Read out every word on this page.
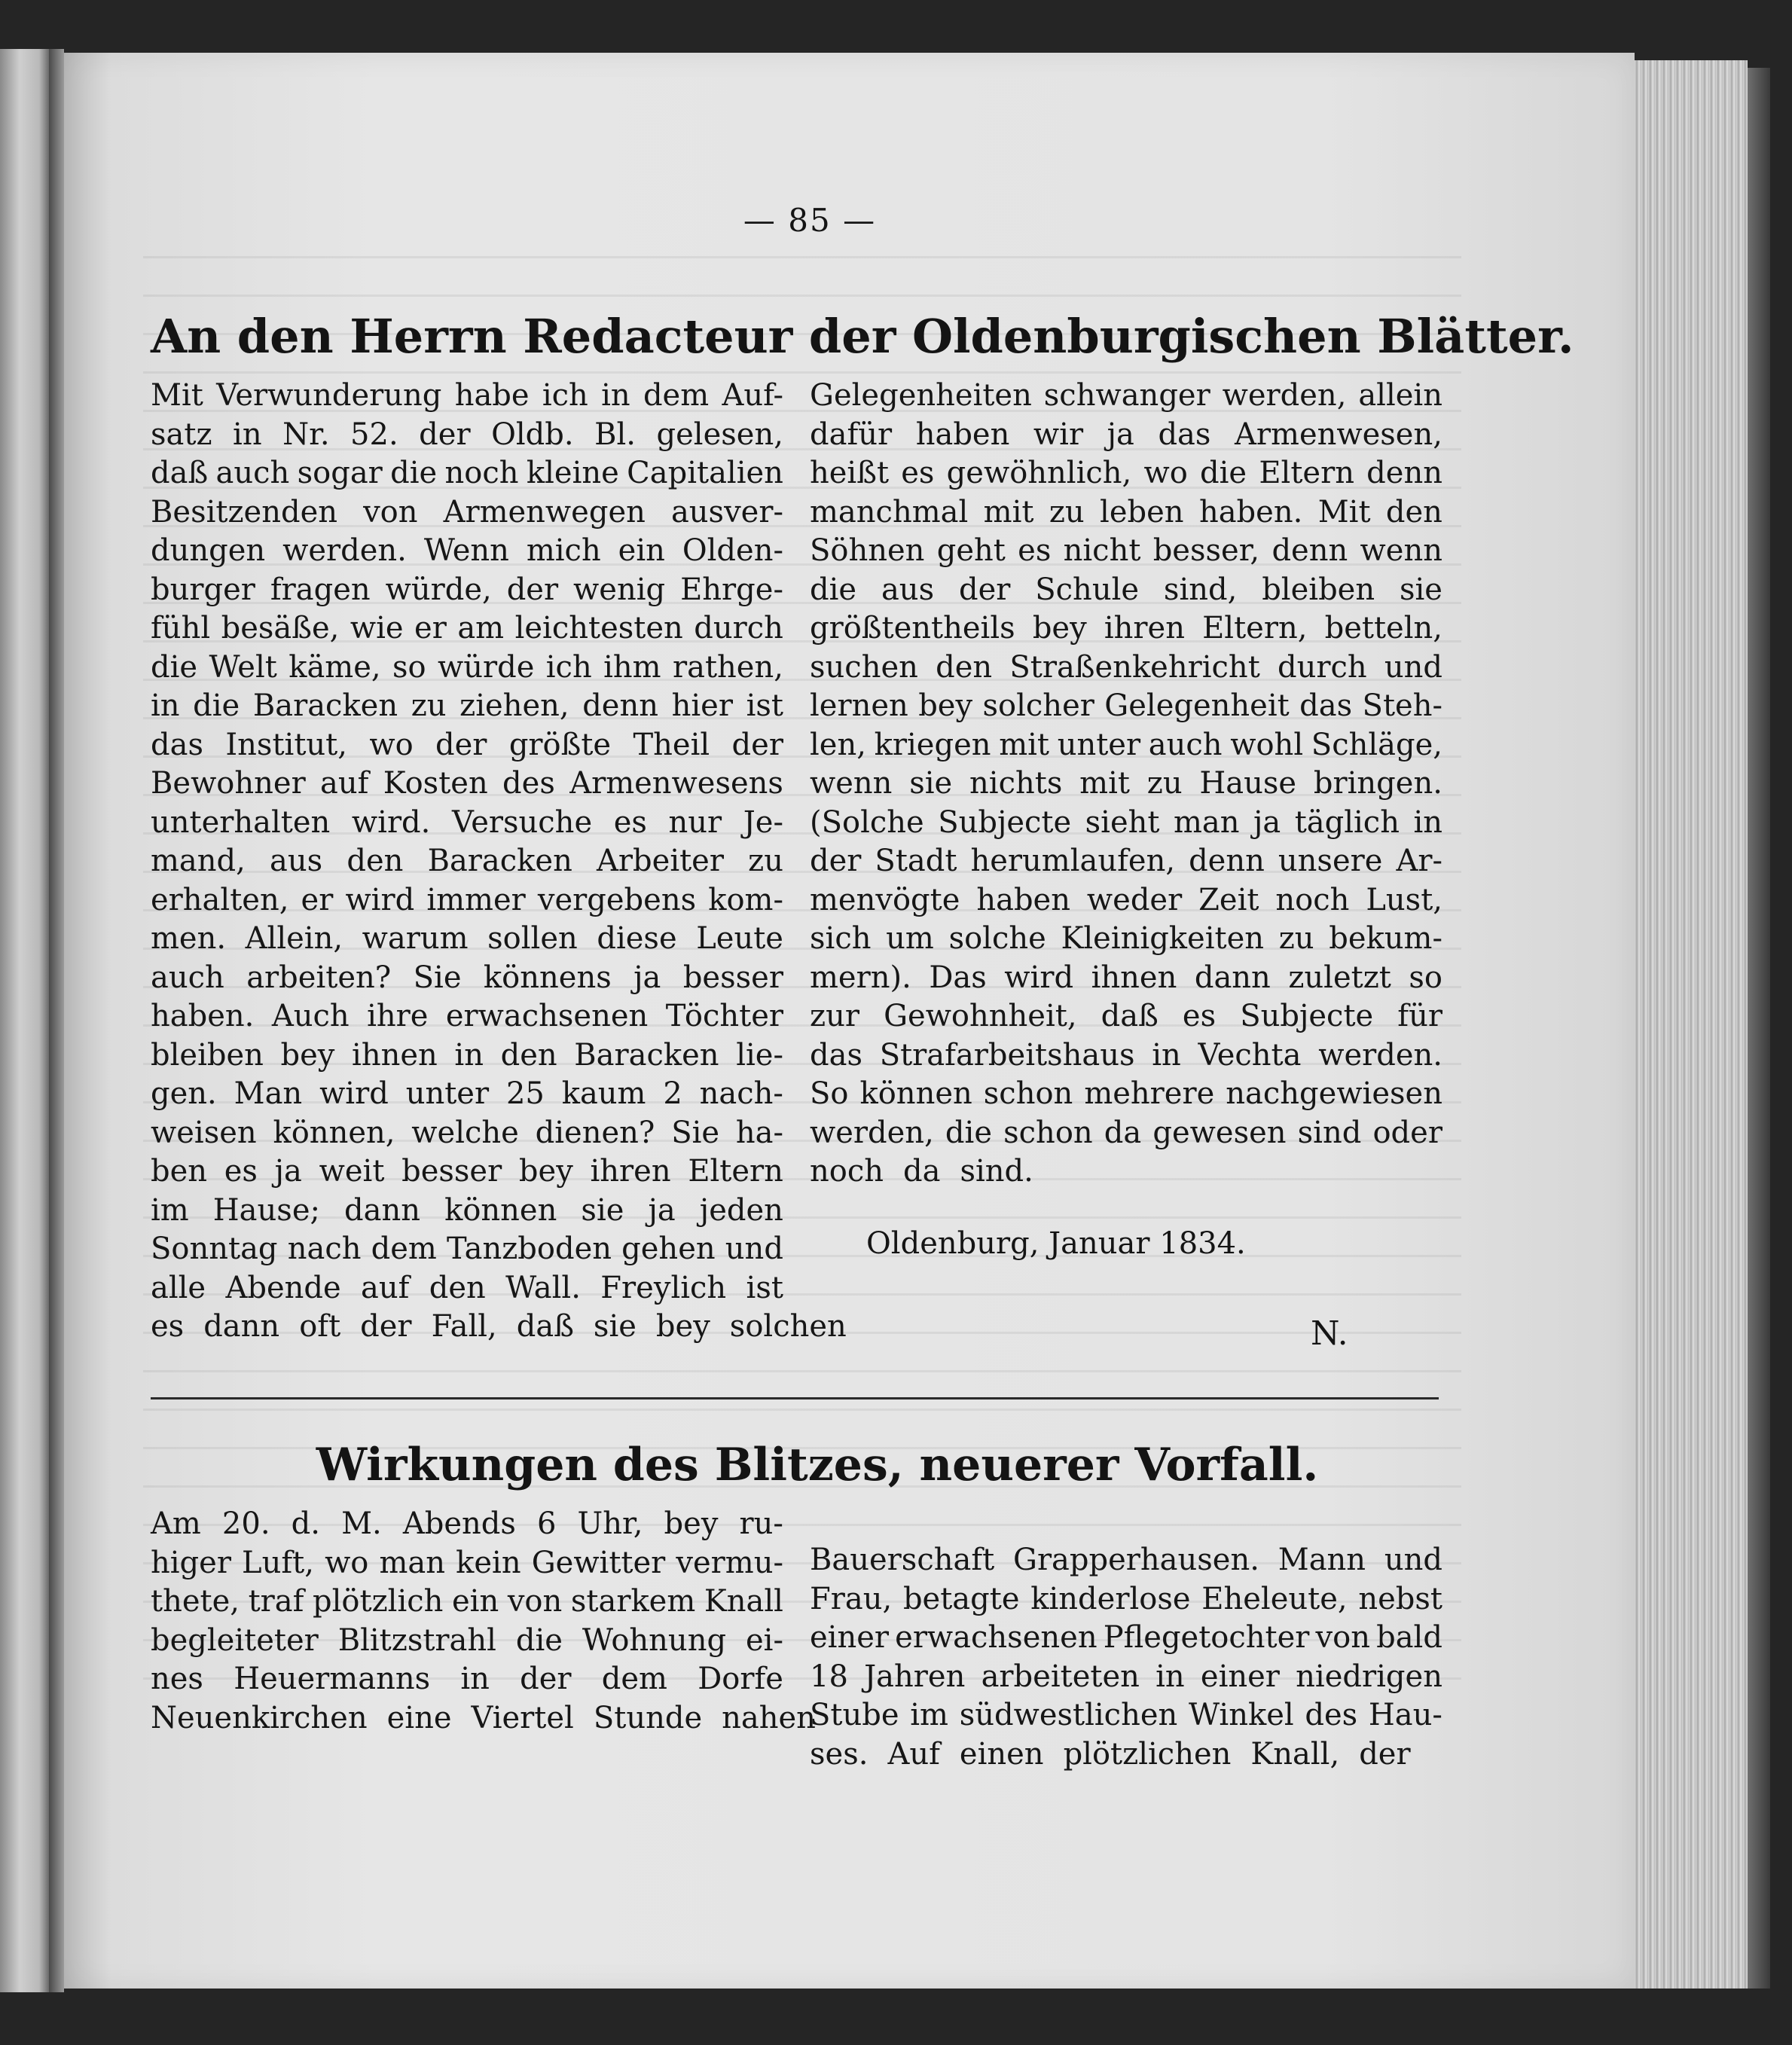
— 85 —
An den Herrn Redacteur der Oldenburgischen Blätter.
Mit Verwunderung habe ich in dem Auf-
satz in Nr. 52. der Oldb. Bl. gelesen,
daß auch sogar die noch kleine Capitalien
Besitzenden von Armenwegen ausver-
dungen werden. Wenn mich ein Olden-
burger fragen würde, der wenig Ehrge-
fühl besäße, wie er am leichtesten durch
die Welt käme, so würde ich ihm rathen,
in die Baracken zu ziehen, denn hier ist
das Institut, wo der größte Theil der
Bewohner auf Kosten des Armenwesens
unterhalten wird. Versuche es nur Je-
mand, aus den Baracken Arbeiter zu
erhalten, er wird immer vergebens kom-
men. Allein, warum sollen diese Leute
auch arbeiten? Sie könnens ja besser
haben. Auch ihre erwachsenen Töchter
bleiben bey ihnen in den Baracken lie-
gen. Man wird unter 25 kaum 2 nach-
weisen können, welche dienen? Sie ha-
ben es ja weit besser bey ihren Eltern
im Hause; dann können sie ja jeden
Sonntag nach dem Tanzboden gehen und
alle Abende auf den Wall. Freylich ist
es dann oft der Fall, daß sie bey solchen
Gelegenheiten schwanger werden, allein
dafür haben wir ja das Armenwesen,
heißt es gewöhnlich, wo die Eltern denn
manchmal mit zu leben haben. Mit den
Söhnen geht es nicht besser, denn wenn
die aus der Schule sind, bleiben sie
größtentheils bey ihren Eltern, betteln,
suchen den Straßenkehricht durch und
lernen bey solcher Gelegenheit das Steh-
len, kriegen mit unter auch wohl Schläge,
wenn sie nichts mit zu Hause bringen.
(Solche Subjecte sieht man ja täglich in
der Stadt herumlaufen, denn unsere Ar-
menvögte haben weder Zeit noch Lust,
sich um solche Kleinigkeiten zu bekum-
mern). Das wird ihnen dann zuletzt so
zur Gewohnheit, daß es Subjecte für
das Strafarbeitshaus in Vechta werden.
So können schon mehrere nachgewiesen
werden, die schon da gewesen sind oder
noch da sind.
Oldenburg, Januar 1834.
N.
Wirkungen des Blitzes, neuerer Vorfall.
Am 20. d. M. Abends 6 Uhr, bey ru-
higer Luft, wo man kein Gewitter vermu-
thete, traf plötzlich ein von starkem Knall
begleiteter Blitzstrahl die Wohnung ei-
nes Heuermanns in der dem Dorfe
Neuenkirchen eine Viertel Stunde nahen
Bauerschaft Grapperhausen. Mann und
Frau, betagte kinderlose Eheleute, nebst
einer erwachsenen Pflegetochter von bald
18 Jahren arbeiteten in einer niedrigen
Stube im südwestlichen Winkel des Hau-
ses. Auf einen plötzlichen Knall, der
